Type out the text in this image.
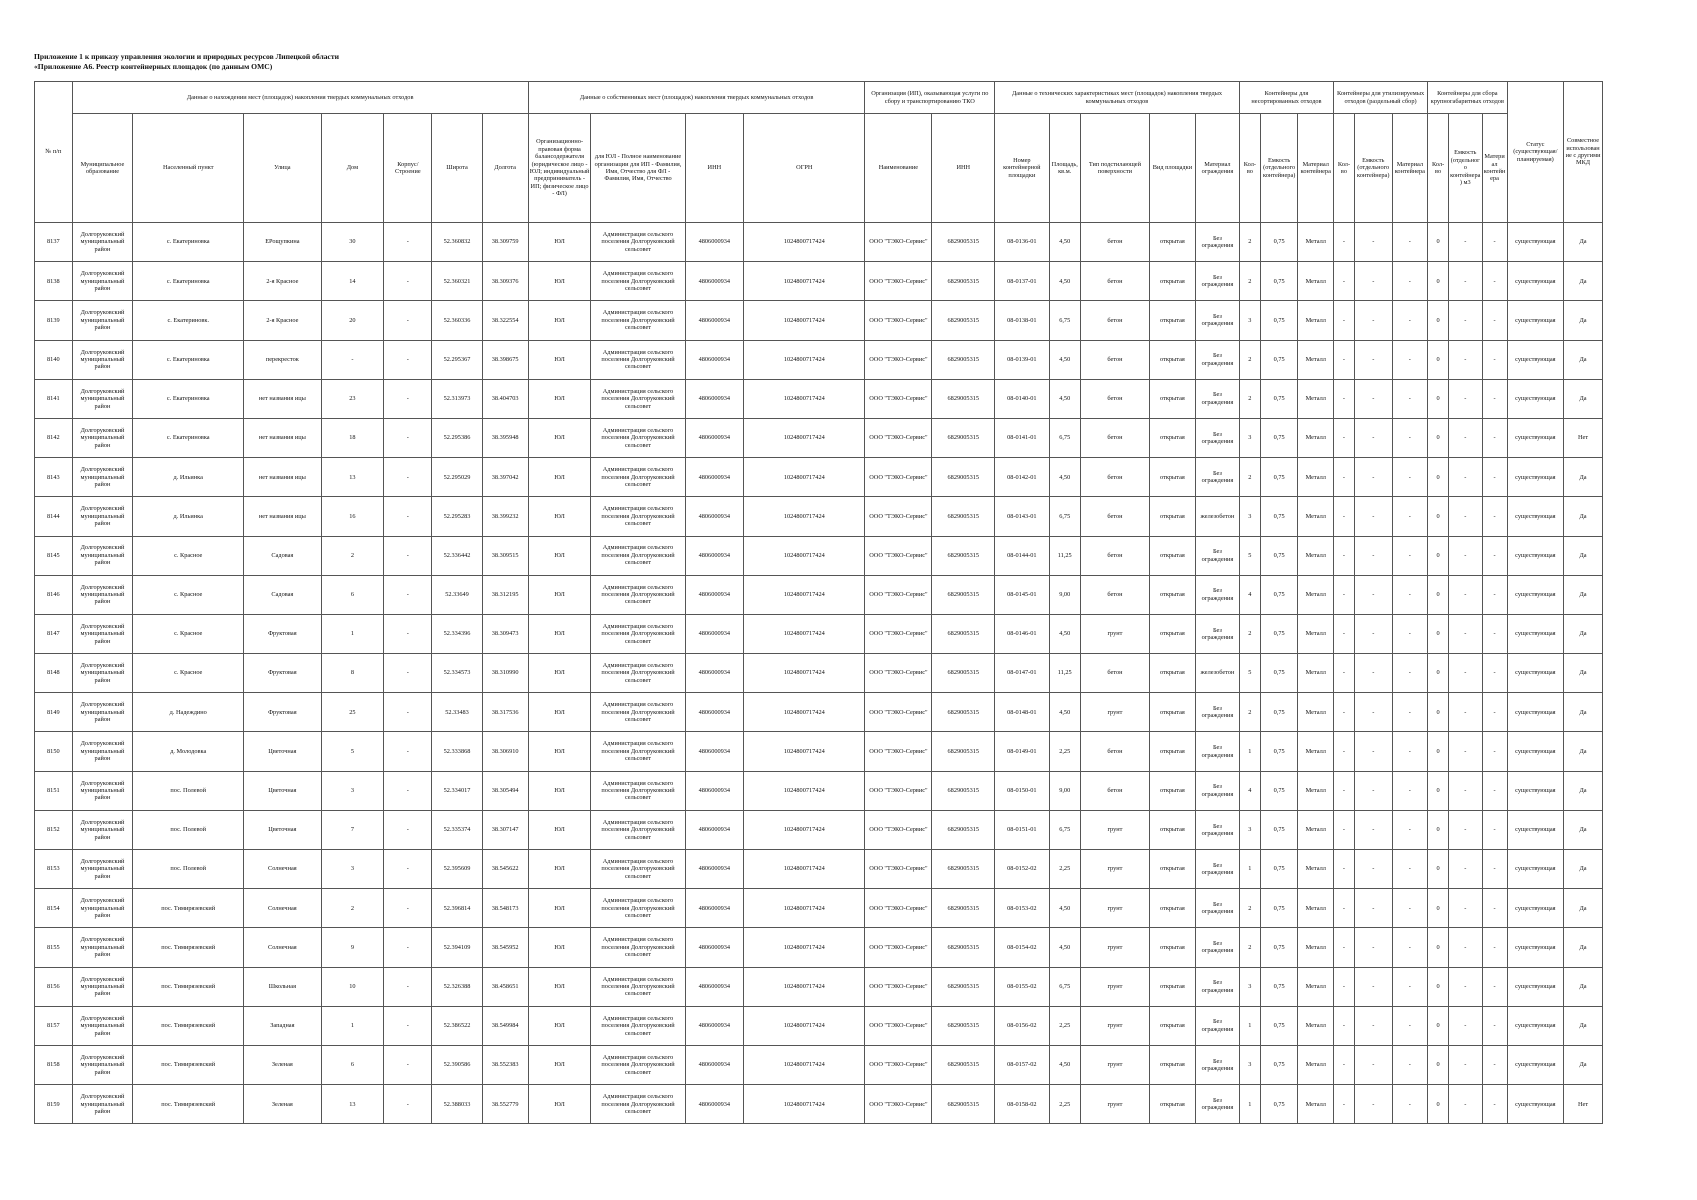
Приложение 1 к приказу управления экологии и природных ресурсов Липецкой области
«Приложение А6. Реестр контейнерных площадок (по данным ОМС)
№ п/п	Данные о нахождении мест (площадок) накопления твердых коммунальных отходов							Данные о собственниках мест (площадок) накопления твердых коммунальных отходов				Организация (ИП), оказывающая услуги по сбору и транспортированию ТКО		Данные о технических характеристиках мест (площадок) накопления твердых коммунальных отходов					Контейнеры для несортированных отходов			Контейнеры для утилизируемых отходов (раздельный сбор)			Контейнеры для сбора крупногабаритных отходов			Статус (существующая/ планируемая)	Совместное использование с другими МКД
	Муниципальное образование	Населенный пункт	Улица	Дом	Корпус/Строение	Широта	Долгота	Организационно-правовая форма балансодержателя (юридическое лицо - ЮЛ; индивидуальный предприниматель - ИП; физическое лицо - ФЛ)	для ЮЛ - Полное наименование организации для ИП - Фамилия, Имя, Отчество для ФЛ - Фамилия, Имя, Отчество	ИНН	ОГРН	Наименование	ИНН	Номер контейнерной площадки	Площадь, кв.м.	Тип подстилающей поверхности	Вид площадки	Материал ограждения	Кол-во	Емкость (отдельного контейнера)	Материал контейнера	Кол-во	Емкость (отдельного контейнера)	Материал контейнера	Кол-во	Емкость (отдельного контейнера) м3	Материал контейнера		
8137	Долгоруковский муниципальный район	с. Екатериновка	ЕРощупкина	30	-	52.360832	38.309759	ЮЛ	Администрация сельского поселения Долгоруковский сельсовет	4806000934	1024800717424	ООО "ТЭКО-Сервис"	6829005315	08-0136-01	4,50	бетон	открытая	Без ограждения	2	0,75	Металл	-	-	-	0	-	-	существующая	Да
8138	Долгоруковский муниципальный район	с. Екатериновка	2-я Красное	14	-	52.360321	38.309376	ЮЛ	Администрация сельского поселения Долгоруковский сельсовет	4806000934	1024800717424	ООО "ТЭКО-Сервис"	6829005315	08-0137-01	4,50	бетон	открытая	Без ограждения	2	0,75	Металл	-	-	-	0	-	-	существующая	Да
8139	Долгоруковский муниципальный район	с. Екатериновк.	2-я Красное	20	-	52.360336	38.322554	ЮЛ	Администрация сельского поселения Долгоруковский сельсовет	4806000934	1024800717424	ООО "ТЭКО-Сервис"	6829005315	08-0138-01	6,75	бетон	открытая	Без ограждения	3	0,75	Металл	-	-	-	0	-	-	существующая	Да
8140	Долгоруковский муниципальный район	с. Екатериновка	перекресток	-	-	52.295367	38.398675	ЮЛ	Администрация сельского поселения Долгоруковский сельсовет	4806000934	1024800717424	ООО "ТЭКО-Сервис"	6829005315	08-0139-01	4,50	бетон	открытая	Без ограждения	2	0,75	Металл	-	-	-	0	-	-	существующая	Да
8141	Долгоруковский муниципальный район	с. Екатериновка	нет названия ицы	23	-	52.313973	38.404703	ЮЛ	Администрация сельского поселения Долгоруковский сельсовет	4806000934	1024800717424	ООО "ТЭКО-Сервис"	6829005315	08-0140-01	4,50	бетон	открытая	Без ограждения	2	0,75	Металл	-	-	-	0	-	-	существующая	Да
8142	Долгоруковский муниципальный район	с. Екатериновка	нет названия ицы	18	-	52.295386	38.395948	ЮЛ	Администрация сельского поселения Долгоруковский сельсовет	4806000934	1024800717424	ООО "ТЭКО-Сервис"	6829005315	08-0141-01	6,75	бетон	открытая	Без ограждения	3	0,75	Металл	-	-	-	0	-	-	существующая	Нет
8143	Долгоруковский муниципальный район	д. Ильинка	нет названия ицы	13	-	52.295029	38.397042	ЮЛ	Администрация сельского поселения Долгоруковский сельсовет	4806000934	1024800717424	ООО "ТЭКО-Сервис"	6829005315	08-0142-01	4,50	бетон	открытая	Без ограждения	2	0,75	Металл	-	-	-	0	-	-	существующая	Да
8144	Долгоруковский муниципальный район	д. Ильинка	нет названия ицы	16	-	52.295283	38.399232	ЮЛ	Администрация сельского поселения Долгоруковский сельсовет	4806000934	1024800717424	ООО "ТЭКО-Сервис"	6829005315	08-0143-01	6,75	бетон	открытая	железобетон	3	0,75	Металл	-	-	-	0	-	-	существующая	Да
8145	Долгоруковский муниципальный район	с. Красное	Садовая	2	-	52.336442	38.309515	ЮЛ	Администрация сельского поселения Долгоруковский сельсовет	4806000934	1024800717424	ООО "ТЭКО-Сервис"	6829005315	08-0144-01	11,25	бетон	открытая	Без ограждения	5	0,75	Металл	-	-	-	0	-	-	существующая	Да
8146	Долгоруковский муниципальный район	с. Красное	Садовая	6	-	52.33649	38.312195	ЮЛ	Администрация сельского поселения Долгоруковский сельсовет	4806000934	1024800717424	ООО "ТЭКО-Сервис"	6829005315	08-0145-01	9,00	бетон	открытая	Без ограждения	4	0,75	Металл	-	-	-	0	-	-	существующая	Да
8147	Долгоруковский муниципальный район	с. Красное	Фруктовая	1	-	52.334396	38.309473	ЮЛ	Администрация сельского поселения Долгоруковский сельсовет	4806000934	1024800717424	ООО "ТЭКО-Сервис"	6829005315	08-0146-01	4,50	грунт	открытая	Без ограждения	2	0,75	Металл	-	-	-	0	-	-	существующая	Да
8148	Долгоруковский муниципальный район	с. Красное	Фруктовая	8	-	52.334573	38.310990	ЮЛ	Администрация сельского поселения Долгоруковский сельсовет	4806000934	1024800717424	ООО "ТЭКО-Сервис"	6829005315	08-0147-01	11,25	бетон	открытая	железобетон	5	0,75	Металл	-	-	-	0	-	-	существующая	Да
8149	Долгоруковский муниципальный район	д. Надеждино	Фруктовая	25	-	52.33483	38.317536	ЮЛ	Администрация сельского поселения Долгоруковский сельсовет	4806000934	1024800717424	ООО "ТЭКО-Сервис"	6829005315	08-0148-01	4,50	грунт	открытая	Без ограждения	2	0,75	Металл	-	-	-	0	-	-	существующая	Да
8150	Долгоруковский муниципальный район	д. Молодовка	Цветочная	5	-	52.333868	38.306910	ЮЛ	Администрация сельского поселения Долгоруковский сельсовет	4806000934	1024800717424	ООО "ТЭКО-Сервис"	6829005315	08-0149-01	2,25	бетон	открытая	Без ограждения	1	0,75	Металл	-	-	-	0	-	-	существующая	Да
8151	Долгоруковский муниципальный район	пос. Полевой	Цветочная	3	-	52.334017	38.305494	ЮЛ	Администрация сельского поселения Долгоруковский сельсовет	4806000934	1024800717424	ООО "ТЭКО-Сервис"	6829005315	08-0150-01	9,00	бетон	открытая	Без ограждения	4	0,75	Металл	-	-	-	0	-	-	существующая	Да
8152	Долгоруковский муниципальный район	пос. Полевой	Цветочная	7	-	52.335374	38.307147	ЮЛ	Администрация сельского поселения Долгоруковский сельсовет	4806000934	1024800717424	ООО "ТЭКО-Сервис"	6829005315	08-0151-01	6,75	грунт	открытая	Без ограждения	3	0,75	Металл	-	-	-	0	-	-	существующая	Да
8153	Долгоруковский муниципальный район	пос. Полевой	Солнечная	3	-	52.395609	38.545622	ЮЛ	Администрация сельского поселения Долгоруковский сельсовет	4806000934	1024800717424	ООО "ТЭКО-Сервис"	6829005315	08-0152-02	2,25	грунт	открытая	Без ограждения	1	0,75	Металл	-	-	-	0	-	-	существующая	Да
8154	Долгоруковский муниципальный район	пос. Тимирязевский	Солнечная	2	-	52.396814	38.548173	ЮЛ	Администрация сельского поселения Долгоруковский сельсовет	4806000934	1024800717424	ООО "ТЭКО-Сервис"	6829005315	08-0153-02	4,50	грунт	открытая	Без ограждения	2	0,75	Металл	-	-	-	0	-	-	существующая	Да
8155	Долгоруковский муниципальный район	пос. Тимирязевский	Солнечная	9	-	52.394109	38.545952	ЮЛ	Администрация сельского поселения Долгоруковский сельсовет	4806000934	1024800717424	ООО "ТЭКО-Сервис"	6829005315	08-0154-02	4,50	грунт	открытая	Без ограждения	2	0,75	Металл	-	-	-	0	-	-	существующая	Да
8156	Долгоруковский муниципальный район	пос. Тимирязевский	Школьная	10	-	52.326388	38.458651	ЮЛ	Администрация сельского поселения Долгоруковский сельсовет	4806000934	1024800717424	ООО "ТЭКО-Сервис"	6829005315	08-0155-02	6,75	грунт	открытая	Без ограждения	3	0,75	Металл	-	-	-	0	-	-	существующая	Да
8157	Долгоруковский муниципальный район	пос. Тимирязевский	Западная	1	-	52.386522	38.549984	ЮЛ	Администрация сельского поселения Долгоруковский сельсовет	4806000934	1024800717424	ООО "ТЭКО-Сервис"	6829005315	08-0156-02	2,25	грунт	открытая	Без ограждения	1	0,75	Металл	-	-	-	0	-	-	существующая	Да
8158	Долгоруковский муниципальный район	пос. Тимирязевский	Зеленая	6	-	52.390586	38.552383	ЮЛ	Администрация сельского поселения Долгоруковский сельсовет	4806000934	1024800717424	ООО "ТЭКО-Сервис"	6829005315	08-0157-02	4,50	грунт	открытая	Без ограждения	3	0,75	Металл	-	-	-	0	-	-	существующая	Да
8159	Долгоруковский муниципальный район	пос. Тимирязевский	Зеленая	13	-	52.388033	38.552779	ЮЛ	Администрация сельского поселения Долгоруковский сельсовет	4806000934	1024800717424	ООО "ТЭКО-Сервис"	6829005315	08-0158-02	2,25	грунт	открытая	Без ограждения	1	0,75	Металл	-	-	-	0	-	-	существующая	Нет
